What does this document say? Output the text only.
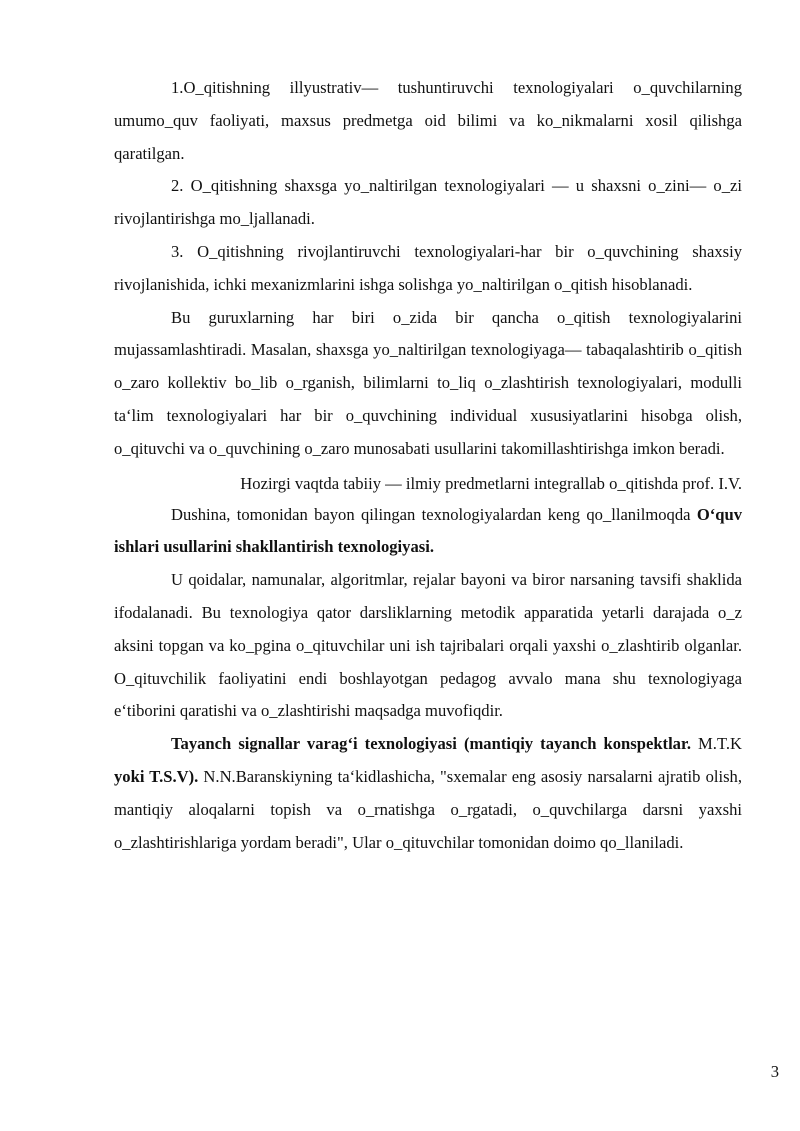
1.O_qitishning illyustrativ— tushuntiruvchi texnologiyalari o_quvchilarning umumo_quv faoliyati, maxsus predmetga oid bilimi va ko_nikmalarni xosil qilishga qaratilgan.

2. O_qitishning shaxsga yo_naltirilgan texnologiyalari — u shaxsni o_zini— o_zi rivojlantirishga mo_ljallanadi.

3. O_qitishning rivojlantiruvchi texnologiyalari-har bir o_quvchining shaxsiy rivojlanishida, ichki mexanizmlarini ishga solishga yo_naltirilgan o_qitish hisoblanadi.

Bu guruxlarning har biri o_zida bir qancha o_qitish texnologiyalarini mujassamlashtiradi. Masalan, shaxsga yo_naltirilgan texnologiyaga— tabaqalashtirib o_qitish o_zaro kollektiv bo_lib o_rganish, bilimlarni to_liq o_zlashtirish texnologiyalari, modulli ta‘lim texnologiyalari har bir o_quvchining individual xususiyatlarini hisobga olish, o_qituvchi va o_quvchining o_zaro munosabati usullarini takomillashtirishga imkon beradi.

Hozirgi vaqtda tabiiy — ilmiy predmetlarni integrallab o_qitishda prof. I.V.

Dushina, tomonidan bayon qilingan texnologiyalardan keng qo_llanilmoqda O‘quv ishlari usullarini shakllantirish texnologiyasi.

U qoidalar, namunalar, algoritmlar, rejalar bayoni va biror narsaning tavsifi shaklida ifodalanadi. Bu texnologiya qator darsliklarning metodik apparatida yetarli darajada o_z aksini topgan va ko_pgina o_qituvchilar uni ish tajribalari orqali yaxshi o_zlashtirib olganlar. O_qituvchilik faoliyatini endi boshlayotgan pedagog avvalo mana shu texnologiyaga e‘tiborini qaratishi va o_zlashtirishi maqsadga muvofiqdir.

Tayanch signallar varag‘i texnologiyasi (mantiqiy tayanch konspektlar. M.T.K yoki T.S.V). N.N.Baranskiyning ta‘kidlashicha, "sxemalar eng asosiy narsalarni ajratib olish, mantiqiy aloqalarni topish va o_rnatishga o_rgatadi, o_quvchilarga darsni yaxshi o_zlashtirishlariga yordam beradi", Ular o_qituvchilar tomonidan doimo qo_llaniladi.

3
